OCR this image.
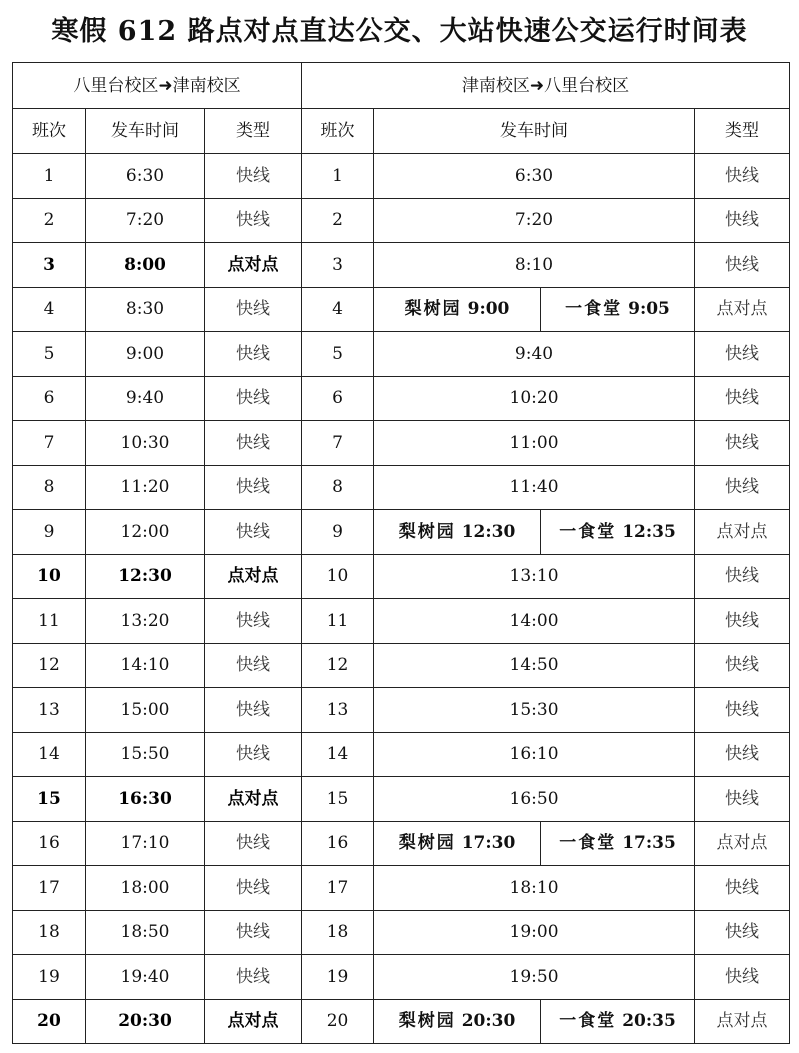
寒假 612 路点对点直达公交、大站快速公交运行时间表
八里台校区➜津南校区			津南校区➜八里台校区			
班次	发车时间	类型	班次	发车时间		类型
1	6:30	快线	1	6:30		快线
2	7:20	快线	2	7:20		快线
3	8:00	点对点	3	8:10		快线
4	8:30	快线	4	梨树园 9:00	一食堂 9:05	点对点
5	9:00	快线	5	9:40		快线
6	9:40	快线	6	10:20		快线
7	10:30	快线	7	11:00		快线
8	11:20	快线	8	11:40		快线
9	12:00	快线	9	梨树园 12:30	一食堂 12:35	点对点
10	12:30	点对点	10	13:10		快线
11	13:20	快线	11	14:00		快线
12	14:10	快线	12	14:50		快线
13	15:00	快线	13	15:30		快线
14	15:50	快线	14	16:10		快线
15	16:30	点对点	15	16:50		快线
16	17:10	快线	16	梨树园 17:30	一食堂 17:35	点对点
17	18:00	快线	17	18:10		快线
18	18:50	快线	18	19:00		快线
19	19:40	快线	19	19:50		快线
20	20:30	点对点	20	梨树园 20:30	一食堂 20:35	点对点
